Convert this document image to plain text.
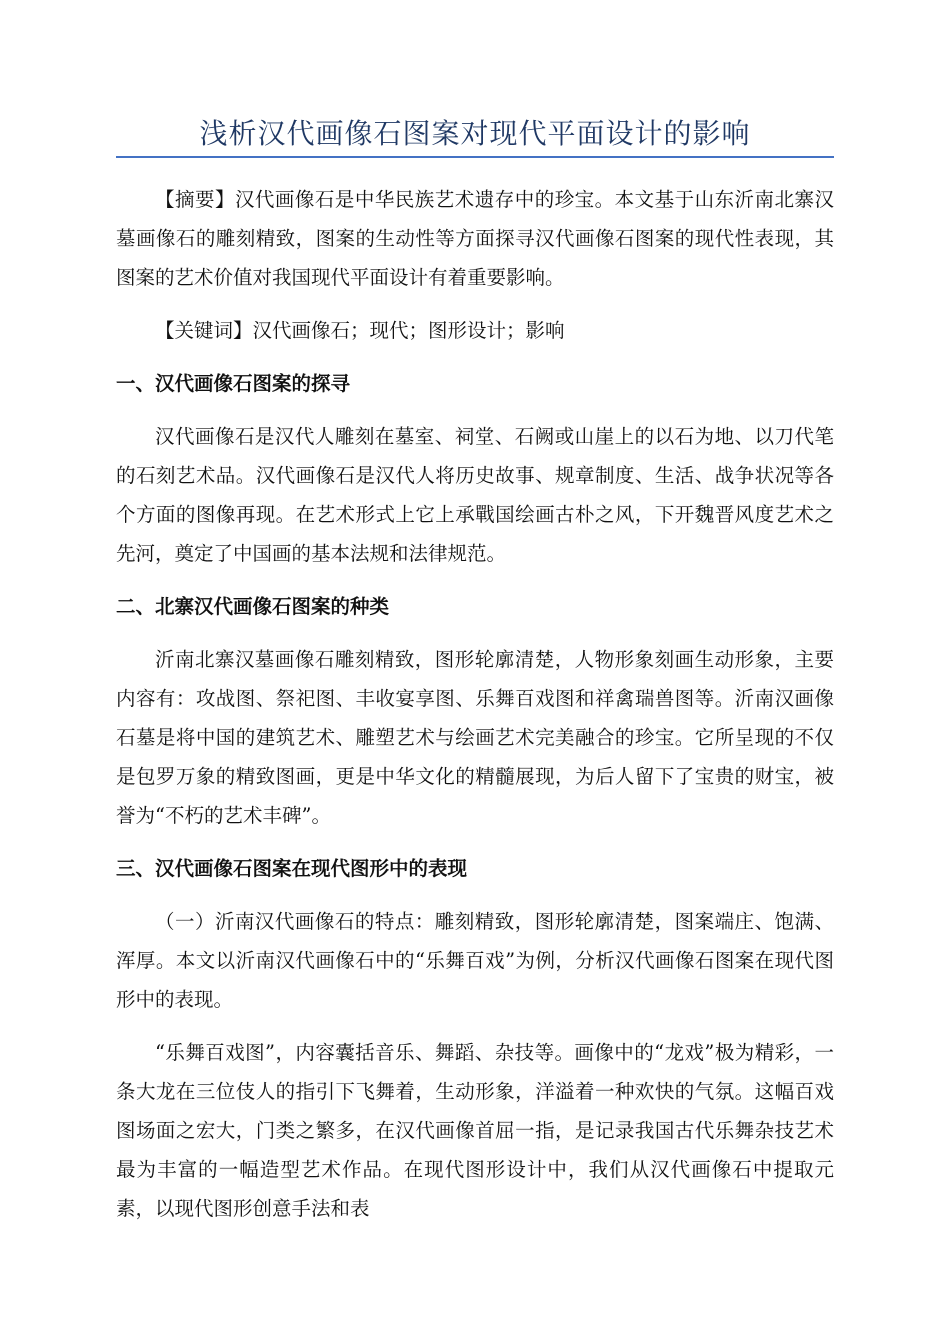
浅析汉代画像石图案对现代平面设计的影响

【摘要】汉代画像石是中华民族艺术遗存中的珍宝。本文基于山东沂南北寨汉墓画像石的雕刻精致，图案的生动性等方面探寻汉代画像石图案的现代性表现，其图案的艺术价值对我国现代平面设计有着重要影响。

【关键词】汉代画像石；现代；图形设计；影响

一、汉代画像石图案的探寻

汉代画像石是汉代人雕刻在墓室、祠堂、石阙或山崖上的以石为地、以刀代笔的石刻艺术品。汉代画像石是汉代人将历史故事、规章制度、生活、战争状况等各个方面的图像再现。在艺术形式上它上承戰国绘画古朴之风，下开魏晋风度艺术之先河，奠定了中国画的基本法规和法律规范。

二、北寨汉代画像石图案的种类

沂南北寨汉墓画像石雕刻精致，图形轮廓清楚，人物形象刻画生动形象，主要内容有：攻战图、祭祀图、丰收宴享图、乐舞百戏图和祥禽瑞兽图等。沂南汉画像石墓是将中国的建筑艺术、雕塑艺术与绘画艺术完美融合的珍宝。它所呈现的不仅是包罗万象的精致图画，更是中华文化的精髓展现，为后人留下了宝贵的财宝，被誉为“不朽的艺术丰碑”。

三、汉代画像石图案在现代图形中的表现

（一）沂南汉代画像石的特点：雕刻精致，图形轮廓清楚，图案端庄、饱满、浑厚。本文以沂南汉代画像石中的“乐舞百戏”为例，分析汉代画像石图案在现代图形中的表现。

“乐舞百戏图”，内容囊括音乐、舞蹈、杂技等。画像中的“龙戏”极为精彩，一条大龙在三位伎人的指引下飞舞着，生动形象，洋溢着一种欢快的气氛。这幅百戏图场面之宏大，门类之繁多，在汉代画像首屈一指，是记录我国古代乐舞杂技艺术最为丰富的一幅造型艺术作品。在现代图形设计中，我们从汉代画像石中提取元素，以现代图形创意手法和表
